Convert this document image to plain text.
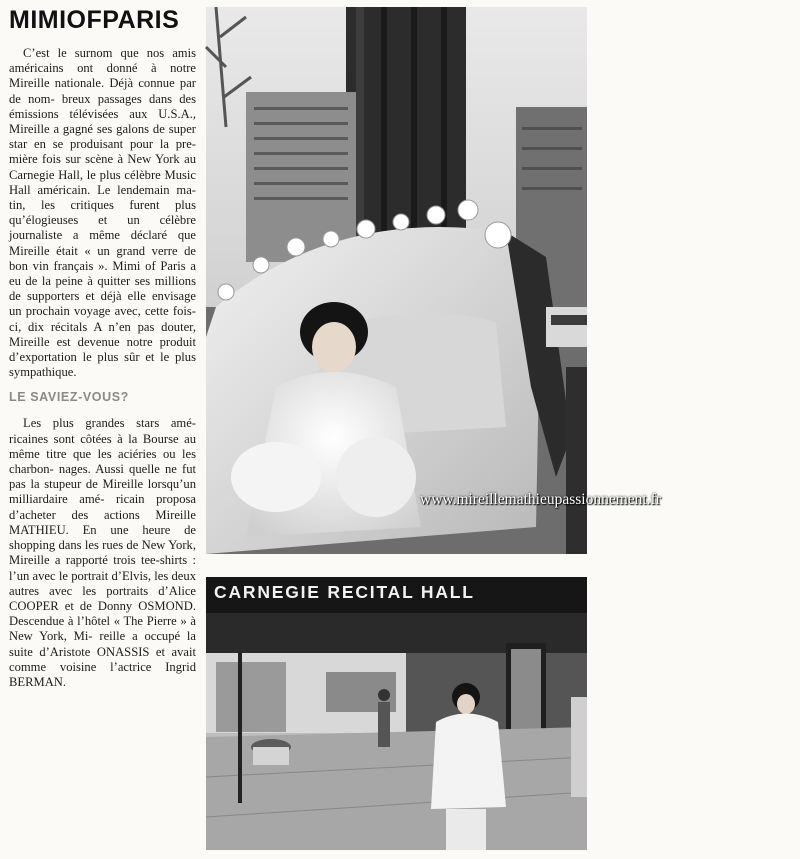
MIMIOFPARIS

C’est le surnom que nos amis américains ont donné à notre Mireille nationale. Déjà connue par de nom- breux passages dans des émissions télévisées aux U.S.A., Mireille a gagné ses galons de super star en se produisant pour la pre- mière fois sur scène à New York au Carnegie Hall, le plus célèbre Music Hall américain. Le lendemain ma- tin, les critiques furent plus qu’élogieuses et un célèbre journaliste a même déclaré que Mireille était « un grand verre de bon vin français ». Mimi of Paris a eu de la peine à quitter ses millions de supporters et déjà elle envisage un prochain voyage avec, cette fois-ci, dix récitals A n’en pas douter, Mireille est devenue notre produit d’exportation le plus sûr et le plus sympathique.

LE SAVIEZ-VOUS?

Les plus grandes stars amé- ricaines sont côtées à la Bourse au même titre que les aciéries ou les charbon- nages. Aussi quelle ne fut pas la stupeur de Mireille lorsqu’un milliardaire amé- ricain proposa d’acheter des actions Mireille MATHIEU. En une heure de shopping dans les rues de New York, Mireille a rapporté trois tee-shirts : l’un avec le portrait d’Elvis, les deux autres avec les portraits d’Alice COOPER et de Donny OSMOND. Descendue à l’hôtel « The Pierre » à New York, Mi- reille a occupé la suite d’Aristote ONASSIS et avait comme voisine l’actrice Ingrid BERMAN.

www.mireillemathieupassionnement.fr
CARNEGIE RECITAL HALL
